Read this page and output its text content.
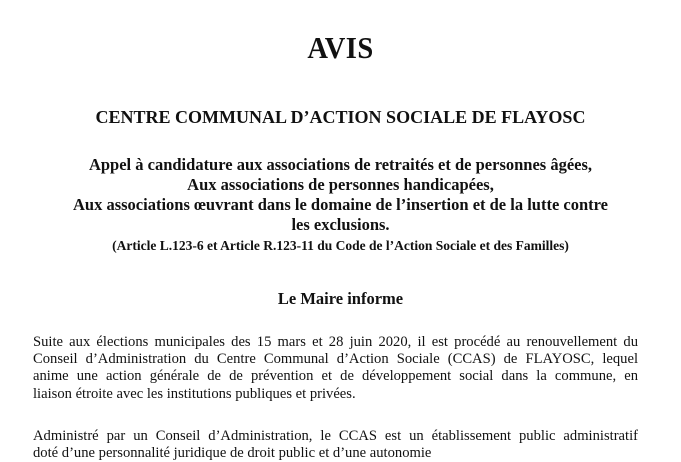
AVIS
CENTRE COMMUNAL D’ACTION SOCIALE DE FLAYOSC
Appel à candidature aux associations de retraités et de personnes âgées,
Aux associations de personnes handicapées,
Aux associations œuvrant dans le domaine de l’insertion et de la lutte contre
les exclusions.
(Article L.123-6 et Article R.123-11 du Code de l’Action Sociale et des Familles)
Le Maire informe
Suite aux élections municipales des 15 mars et 28 juin 2020, il est procédé au renouvellement du
Conseil d’Administration du Centre Communal d’Action Sociale (CCAS) de FLAYOSC, lequel
anime une action générale de de prévention et de développement social dans la commune, en
liaison étroite avec les institutions publiques et privées.
Administré par un Conseil d’Administration, le CCAS est un établissement public administratif
doté d’une personnalité juridique de droit public et d’une autonomie
